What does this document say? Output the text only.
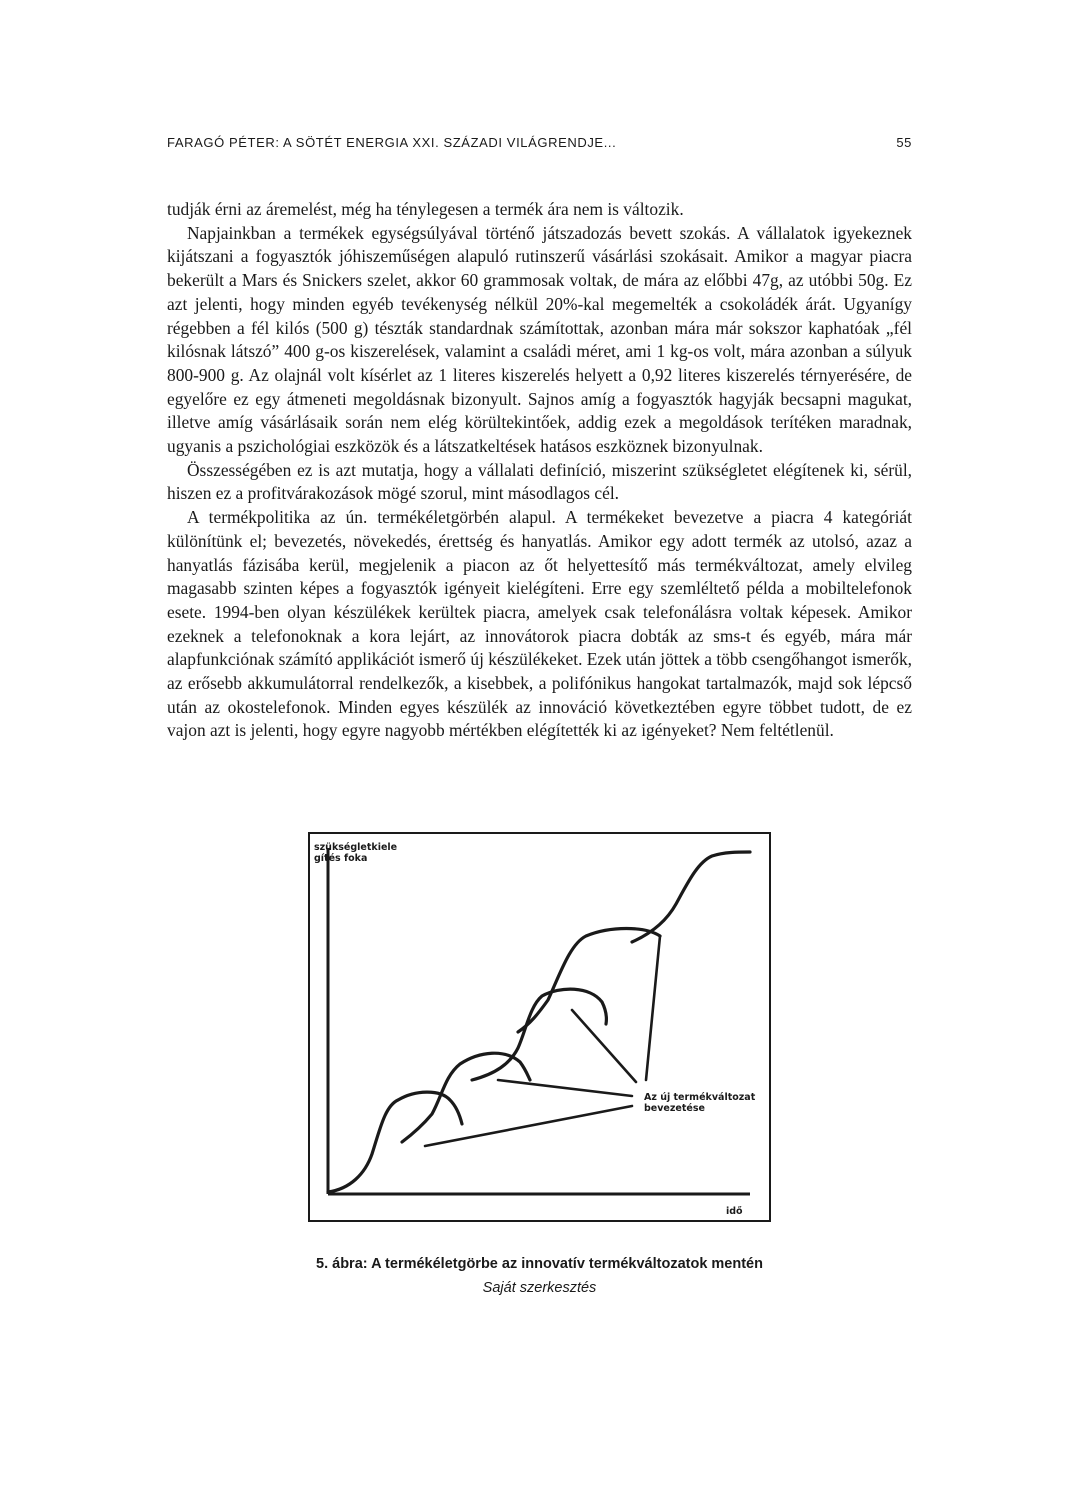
FARAGÓ PÉTER: A SÖTÉT ENERGIA XXI. SZÁZADI VILÁGRENDJE...	55

tudják érni az áremelést, még ha ténylegesen a termék ára nem is változik.

Napjainkban a termékek egységsúlyával történő játszadozás bevett szokás. A vállalatok igyekeznek kijátszani a fogyasztók jóhiszeműségen alapuló rutinszerű vásárlási szokásait. Amikor a magyar piacra bekerült a Mars és Snickers szelet, akkor 60 grammosak voltak, de mára az előbbi 47g, az utóbbi 50g. Ez azt jelenti, hogy minden egyéb tevékenység nélkül 20%-kal megemelték a csokoládék árát. Ugyanígy régebben a fél kilós (500 g) tészták standardnak számítottak, azonban mára már sokszor kaphatóak „fél kilósnak látszó” 400 g-os kiszerelések, valamint a családi méret, ami 1 kg-os volt, mára azonban a súlyuk 800-900 g. Az olajnál volt kísérlet az 1 literes kiszerelés helyett a 0,92 literes kiszerelés térnyerésére, de egyelőre ez egy átmeneti megoldásnak bizonyult. Sajnos amíg a fogyasztók hagyják becsapni magukat, illetve amíg vásárlásaik során nem elég körültekintőek, addig ezek a megoldások terítéken maradnak, ugyanis a pszichológiai eszközök és a látszatkeltések hatásos eszköznek bizonyulnak.

Összességében ez is azt mutatja, hogy a vállalati definíció, miszerint szükségletet elégítenek ki, sérül, hiszen ez a profitvárakozások mögé szorul, mint másodlagos cél.

A termékpolitika az ún. termékéletgörbén alapul. A termékeket bevezetve a piacra 4 kategóriát különítünk el; bevezetés, növekedés, érettség és hanyatlás. Amikor egy adott termék az utolsó, azaz a hanyatlás fázisába kerül, megjelenik a piacon az őt helyettesítő más termékváltozat, amely elvileg magasabb szinten képes a fogyasztók igényeit kielégíteni. Erre egy szemléltető példa a mobiltelefonok esete. 1994-ben olyan készülékek kerültek piacra, amelyek csak telefonálásra voltak képesek. Amikor ezeknek a telefonoknak a kora lejárt, az innovátorok piacra dobták az sms-t és egyéb, mára már alapfunkciónak számító applikációt ismerő új készülékeket. Ezek után jöttek a több csengőhangot ismerők, az erősebb akkumulátorral rendelkezők, a kisebbek, a polifónikus hangokat tartalmazók, majd sok lépcső után az okostelefonok. Minden egyes készülék az innováció következtében egyre többet tudott, de ez vajon azt is jelenti, hogy egyre nagyobb mértékben elégítették ki az igényeket? Nem feltétlenül.

szükségletkiele
gítés foka
idő
Az új termékváltozat
bevezetése
5. ábra: A termékéletgörbe az innovatív termékváltozatok mentén
Saját szerkesztés
